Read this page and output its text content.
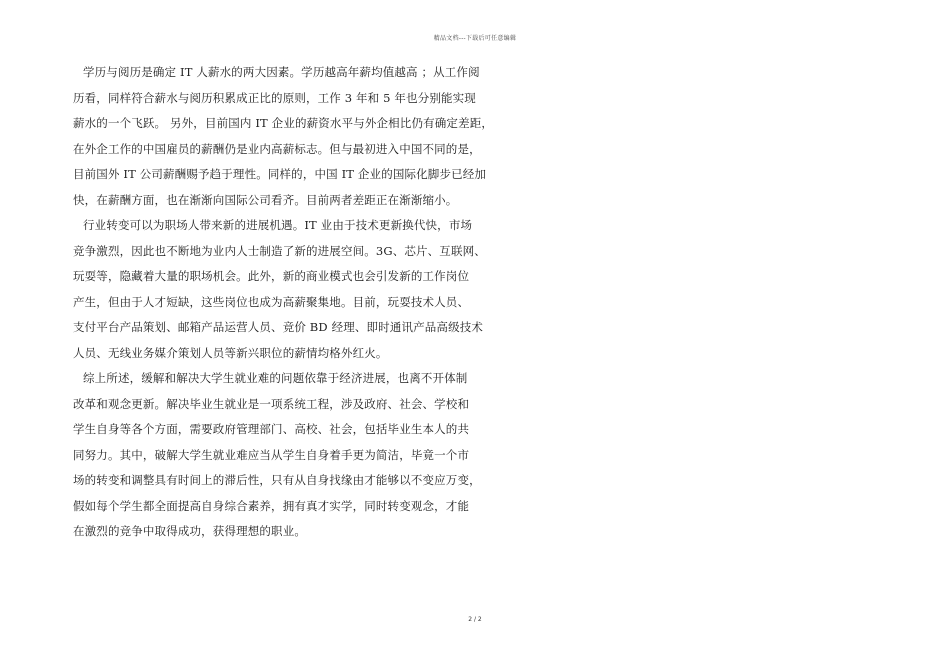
精品文档---下载后可任意编辑
学历与阅历是确定 IT 人薪水的两大因素。学历越高年薪均值越高 ；从工作阅
历看，同样符合薪水与阅历积累成正比的原则，工作 3 年和 5 年也分别能实现
薪水的一个飞跃。 另外，目前国内 IT 企业的薪资水平与外企相比仍有确定差距，
在外企工作的中国雇员的薪酬仍是业内高薪标志。但与最初进入中国不同的是，
目前国外 IT 公司薪酬赐予趋于理性。同样的，中国 IT 企业的国际化脚步已经加
快，在薪酬方面，也在渐渐向国际公司看齐。目前两者差距正在渐渐缩小。
行业转变可以为职场人带来新的进展机遇。IT 业由于技术更新换代快，市场
竞争激烈，因此也不断地为业内人士制造了新的进展空间。3G、芯片、互联网、
玩耍等，隐藏着大量的职场机会。此外，新的商业模式也会引发新的工作岗位
产生，但由于人才短缺，这些岗位也成为高薪聚集地。目前，玩耍技术人员、
支付平台产品策划、邮箱产品运营人员、竞价 BD 经理、即时通讯产品高级技术
人员、无线业务媒介策划人员等新兴职位的薪情均格外红火。
综上所述，缓解和解决大学生就业难的问题依靠于经济进展，也离不开体制
改革和观念更新。解决毕业生就业是一项系统工程，涉及政府、社会、学校和
学生自身等各个方面，需要政府管理部门、高校、社会，包括毕业生本人的共
同努力。其中，破解大学生就业难应当从学生自身着手更为简洁，毕竟一个市
场的转变和调整具有时间上的滞后性，只有从自身找缘由才能够以不变应万变，
假如每个学生都全面提高自身综合素养，拥有真才实学，同时转变观念，才能
在激烈的竞争中取得成功，获得理想的职业。
2 / 2
